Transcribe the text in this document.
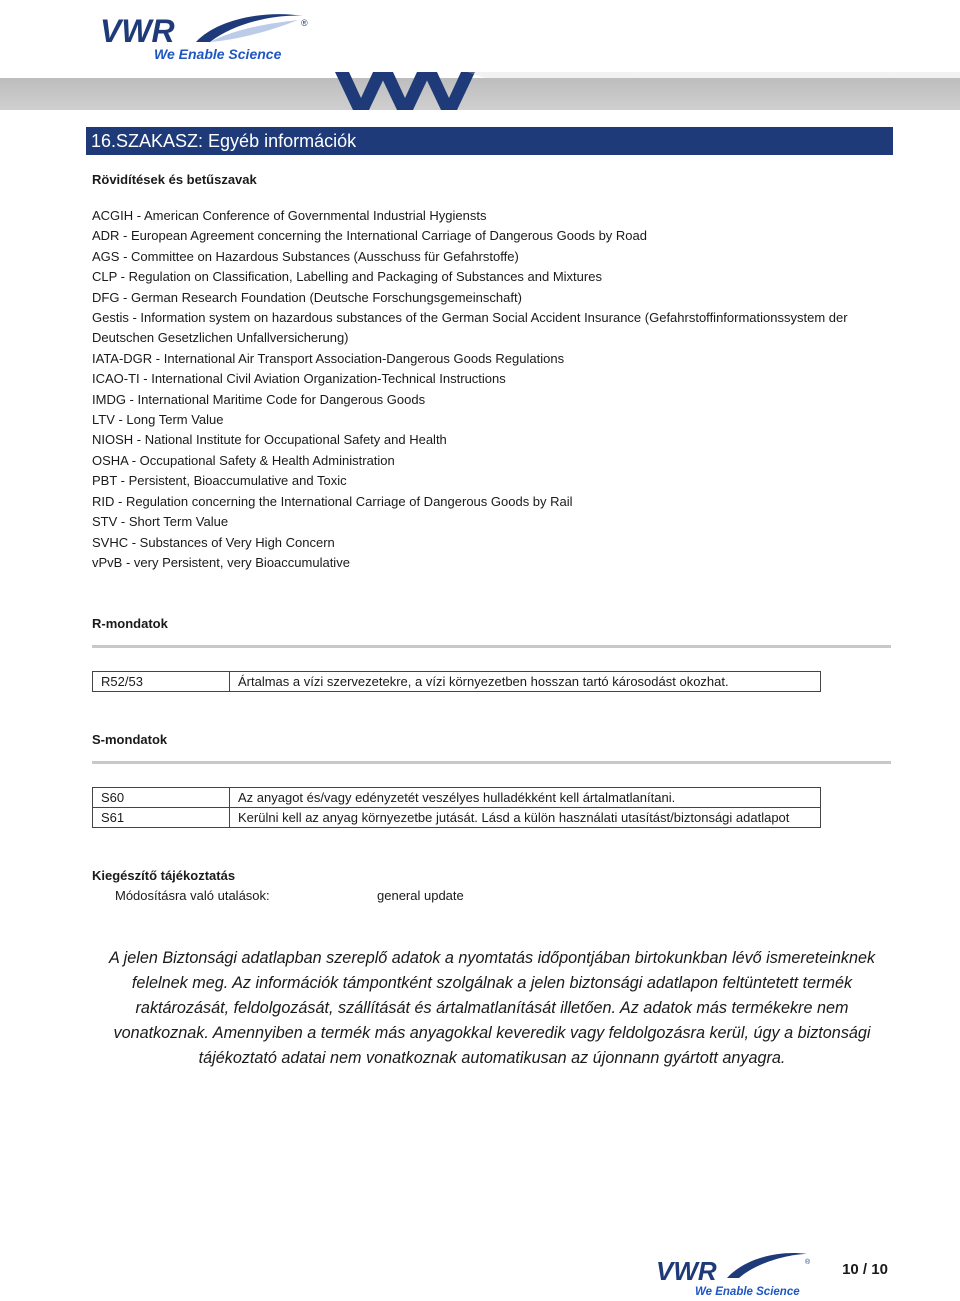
VWR	®
We Enable Science
16.SZAKASZ: Egyéb információk
Rövidítések és betűszavak
ACGIH - American Conference of Governmental Industrial Hygiensts
ADR - European Agreement concerning the International Carriage of Dangerous Goods by Road
AGS - Committee on Hazardous Substances (Ausschuss für Gefahrstoffe)
CLP - Regulation on Classification, Labelling and Packaging of Substances and Mixtures
DFG - German Research Foundation (Deutsche Forschungsgemeinschaft)
Gestis - Information system on hazardous substances of the German Social Accident Insurance (Gefahrstoffinformationssystem der Deutschen Gesetzlichen Unfallversicherung)
IATA-DGR - International Air Transport Association-Dangerous Goods Regulations
ICAO-TI - International Civil Aviation Organization-Technical Instructions
IMDG - International Maritime Code for Dangerous Goods
LTV - Long Term Value
NIOSH - National Institute for Occupational Safety and Health
OSHA - Occupational Safety & Health Administration
PBT - Persistent, Bioaccumulative and Toxic
RID - Regulation concerning the International Carriage of Dangerous Goods by Rail
STV - Short Term Value
SVHC - Substances of Very High Concern
vPvB - very Persistent, very Bioaccumulative
R-mondatok
R52/53	Ártalmas a vízi szervezetekre, a vízi környezetben hosszan tartó károsodást okozhat.
S-mondatok
S60	Az anyagot és/vagy edényzetét veszélyes hulladékként kell ártalmatlanítani.
S61	Kerülni kell az anyag környezetbe jutását. Lásd a külön használati utasítást/biztonsági adatlapot
Kiegészítő tájékoztatás
Módosításra való utalások:	general update

A jelen Biztonsági adatlapban szereplő adatok a nyomtatás időpontjában birtokunkban lévő ismereteinknek felelnek meg. Az információk támpontként szolgálnak a jelen biztonsági adatlapon feltüntetett termék raktározását, feldolgozását, szállítását és ártalmatlanítását illetően. Az adatok más termékekre nem vonatkoznak. Amennyiben a termék más anyagokkal keveredik vagy feldolgozásra kerül, úgy a biztonsági tájékoztató adatai nem vonatkoznak automatikusan az újonnann gyártott anyagra.

VWR	®
We Enable Science
10 / 10
